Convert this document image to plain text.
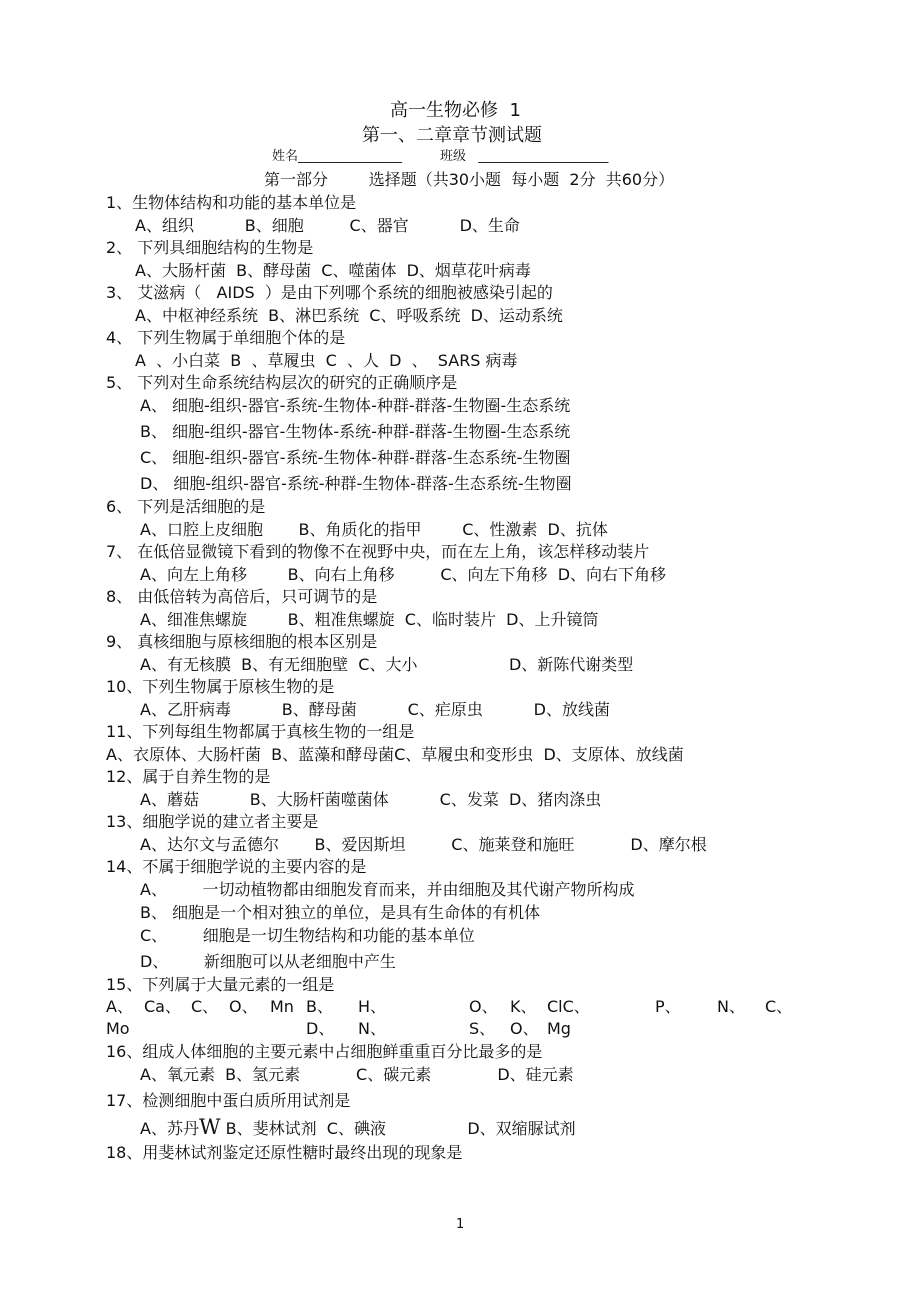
高一生物必修  1
第一、二章章节测试题
姓名________________	班级   ____________________
第一部分        选择题（共30小题  每小题  2分  共60分）
1、生物体结构和功能的基本单位是
A、组织          B、细胞         C、器官          D、生命
2、 下列具细胞结构的生物是
A、大肠杆菌  B、酵母菌  C、噬菌体  D、烟草花叶病毒
3、 艾滋病（   AIDS  ）是由下列哪个系统的细胞被感染引起的
A、中枢神经系统  B、淋巴系统  C、呼吸系统  D、运动系统
4、 下列生物属于单细胞个体的是
A  、小白菜  B  、草履虫  C  、人  D  、  SARS 病毒
5、 下列对生命系统结构层次的研究的正确顺序是
A、 细胞-组织-器官-系统-生物体-种群-群落-生物圈-生态系统
B、 细胞-组织-器官-生物体-系统-种群-群落-生物圈-生态系统
C、 细胞-组织-器官-系统-生物体-种群-群落-生态系统-生物圈
D、 细胞-组织-器官-系统-种群-生物体-群落-生态系统-生物圈
6、 下列是活细胞的是
A、口腔上皮细胞       B、角质化的指甲        C、性激素  D、抗体
7、 在低倍显微镜下看到的物像不在视野中央，而在左上角，该怎样移动装片
A、向左上角移        B、向右上角移         C、向左下角移  D、向右下角移
8、 由低倍转为高倍后，只可调节的是
A、细准焦螺旋        B、粗准焦螺旋  C、临时装片  D、上升镜筒
9、 真核细胞与原核细胞的根本区别是
A、有无核膜  B、有无细胞壁  C、大小                  D、新陈代谢类型
10、下列生物属于原核生物的是
A、乙肝病毒          B、酵母菌          C、疟原虫          D、放线菌
11、下列每组生物都属于真核生物的一组是
A、衣原体、大肠杆菌  B、蓝藻和酵母菌C、草履虫和变形虫  D、支原体、放线菌
12、属于自养生物的是
A、蘑菇          B、大肠杆菌噬菌体          C、发菜  D、猪肉涤虫
13、细胞学说的建立者主要是
A、达尔文与孟德尔       B、爱因斯坦         C、施莱登和施旺           D、摩尔根
14、不属于细胞学说的主要内容的是
A、       一切动植物都由细胞发育而来，并由细胞及其代谢产物所构成
B、 细胞是一个相对独立的单位，是具有生命体的有机体
C、       细胞是一切生物结构和功能的基本单位
D、       新细胞可以从老细胞中产生
15、下列属于大量元素的一组是
A、 Ca、 C、 O、 Mn B、 H、	O、 K、 ClC、	P、 N、 C、
Mo	D、 N、	S、 O、 Mg
16、组成人体细胞的主要元素中占细胞鲜重重百分比最多的是
A、氧元素  B、氢元素           C、碳元素             D、硅元素
17、检测细胞中蛋白质所用试剂是
A、苏丹W B、斐林试剂  C、碘液                D、双缩脲试剂
18、用斐林试剂鉴定还原性糖时最终出现的现象是
1
